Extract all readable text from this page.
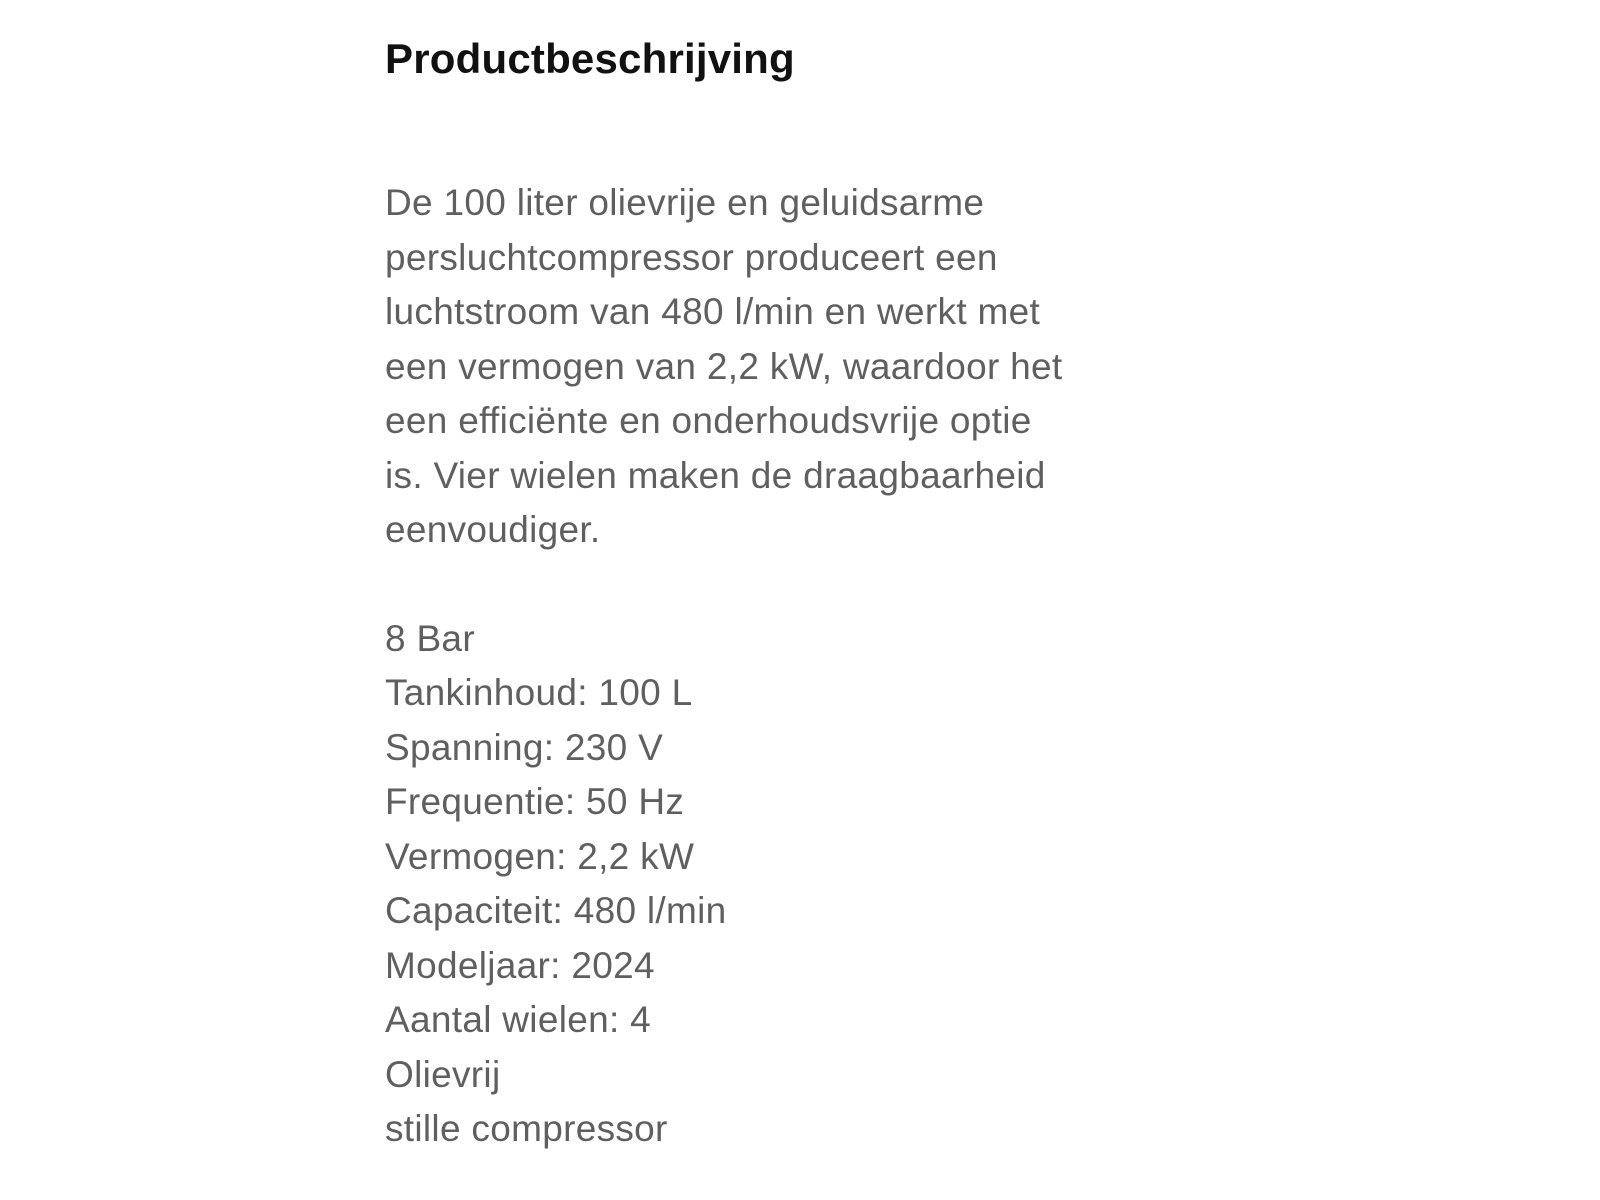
Productbeschrijving

De 100 liter olievrije en geluidsarme
persluchtcompressor produceert een
luchtstroom van 480 l/min en werkt met
een vermogen van 2,2 kW, waardoor het
een efficiënte en onderhoudsvrije optie
is. Vier wielen maken de draagbaarheid
eenvoudiger.

8 Bar
Tankinhoud: 100 L
Spanning: 230 V
Frequentie: 50 Hz
Vermogen: 2,2 kW
Capaciteit: 480 l/min
Modeljaar: 2024
Aantal wielen: 4
Olievrij
stille compressor
